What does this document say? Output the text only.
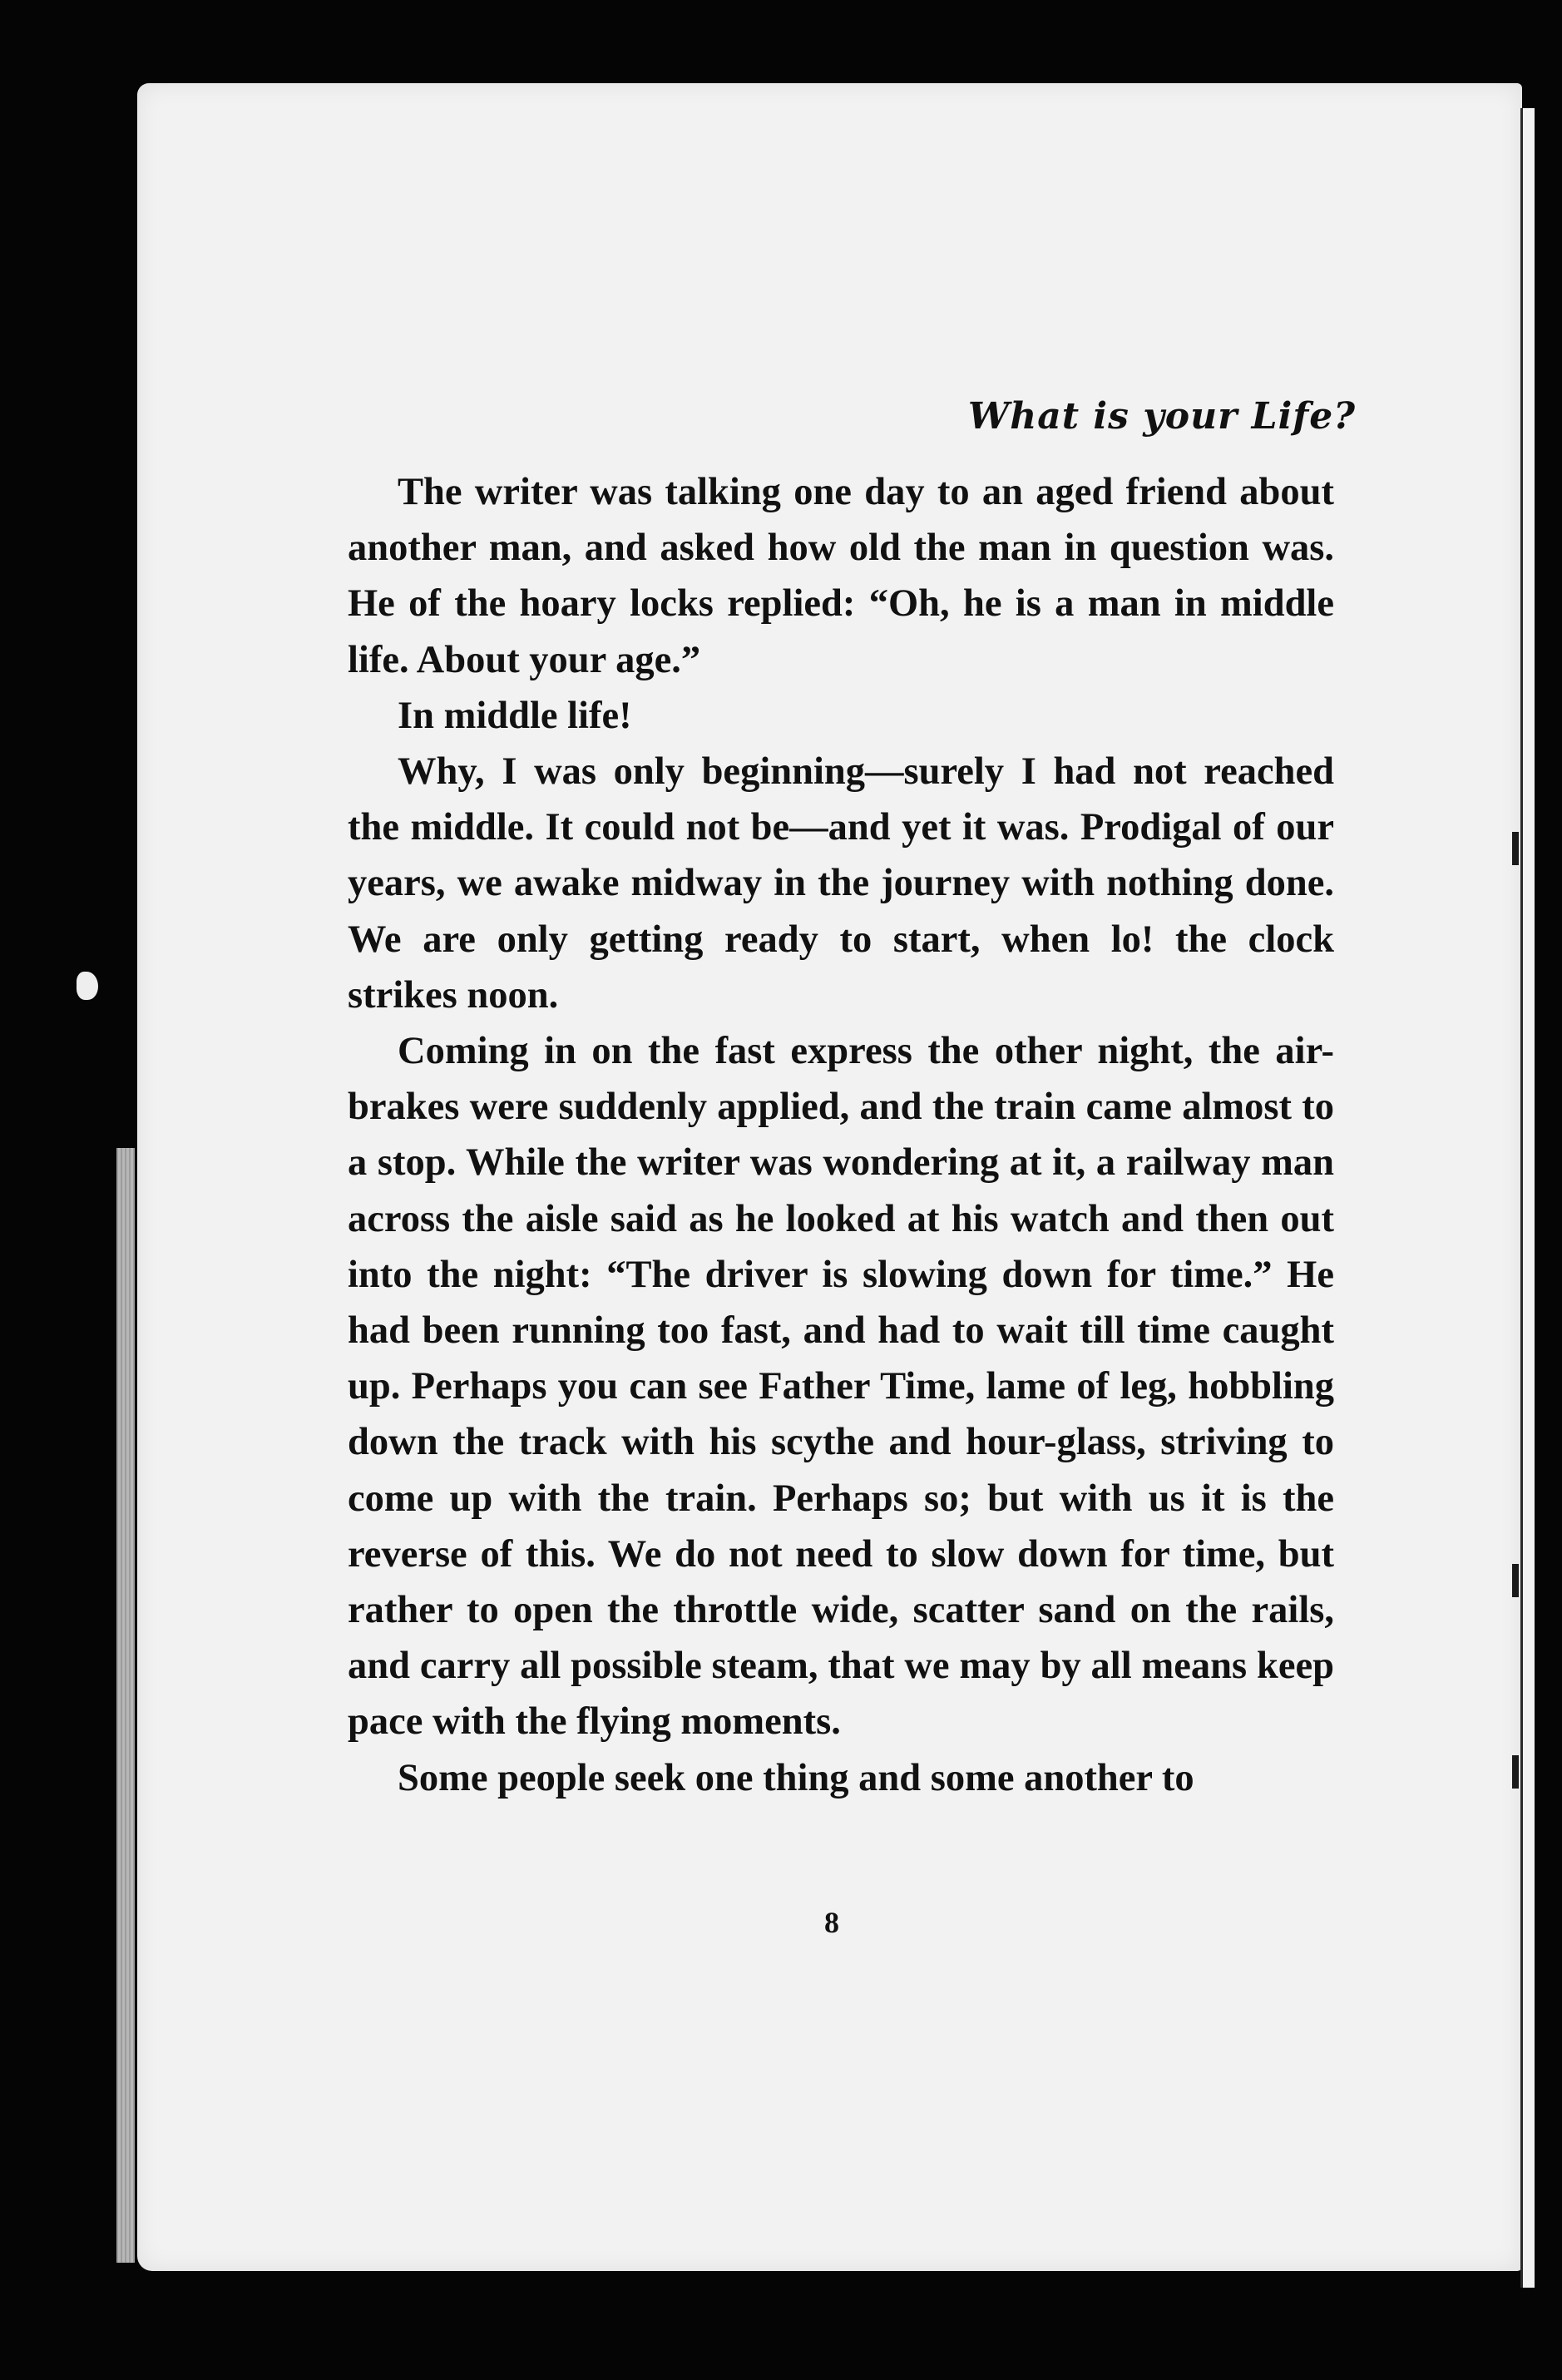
What is your Life?

The writer was talking one day to an aged friend about another man, and asked how old the man in question was. He of the hoary locks replied: “Oh, he is a man in middle life. About your age.”

In middle life!

Why, I was only beginning—surely I had not reached the middle. It could not be—and yet it was. Prodigal of our years, we awake midway in the journey with nothing done. We are only getting ready to start, when lo! the clock strikes noon.

Coming in on the fast express the other night, the air-brakes were suddenly applied, and the train came almost to a stop. While the writer was wondering at it, a railway man across the aisle said as he looked at his watch and then out into the night: “The driver is slowing down for time.” He had been running too fast, and had to wait till time caught up. Perhaps you can see Father Time, lame of leg, hobbling down the track with his scythe and hour-glass, striving to come up with the train. Perhaps so; but with us it is the reverse of this. We do not need to slow down for time, but rather to open the throttle wide, scatter sand on the rails, and carry all possible steam, that we may by all means keep pace with the flying moments.

Some people seek one thing and some another to

8
